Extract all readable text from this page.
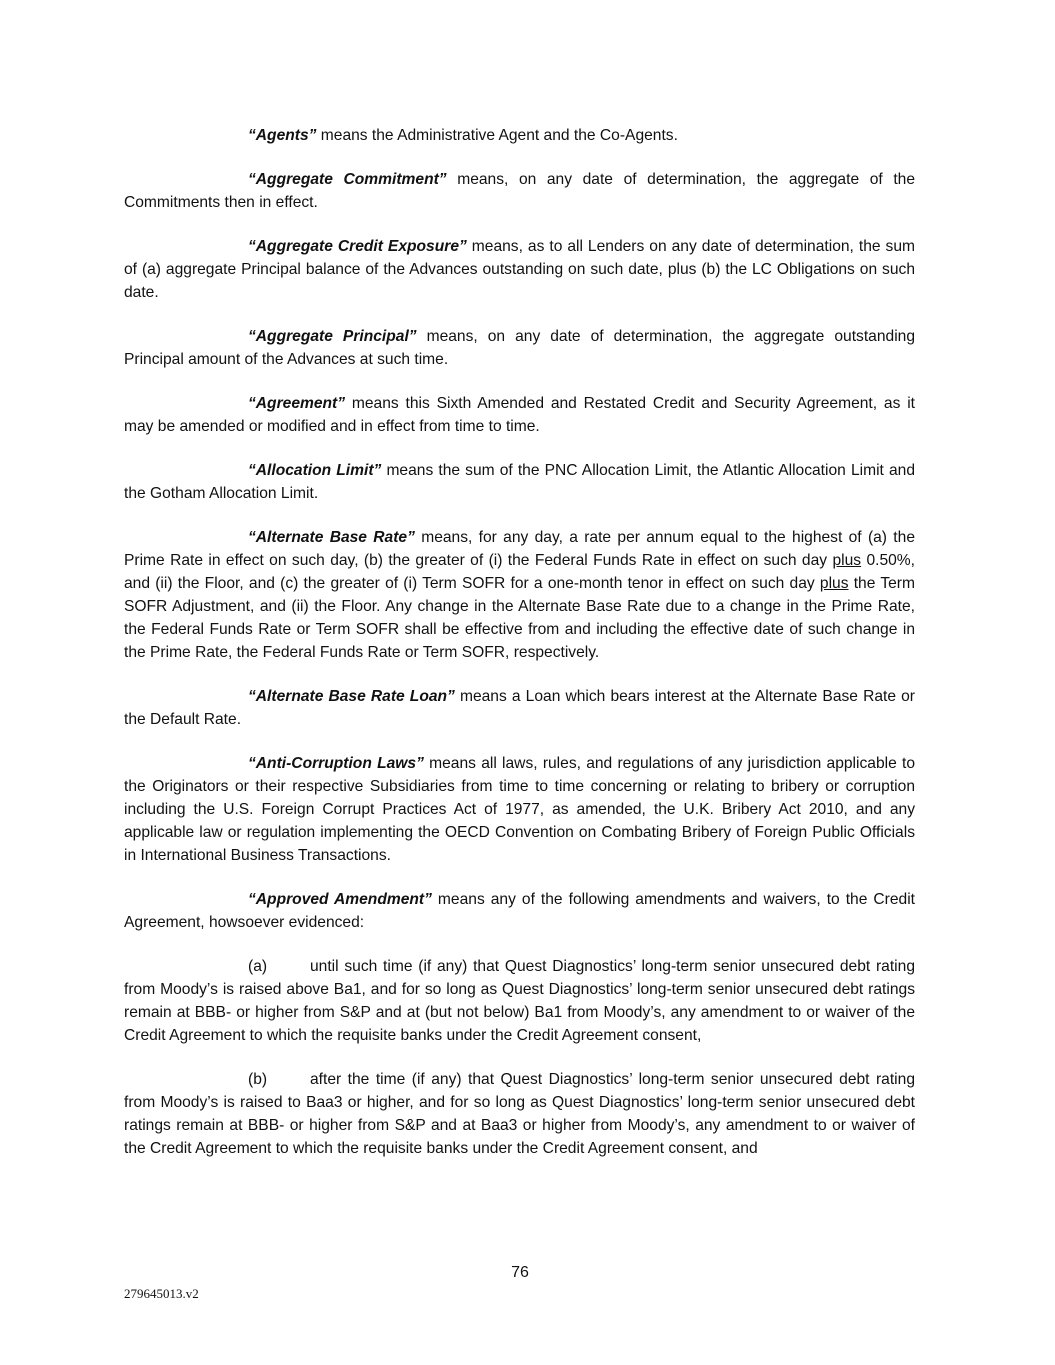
“Agents” means the Administrative Agent and the Co-Agents.

“Aggregate Commitment” means, on any date of determination, the aggregate of the Commitments then in effect.

“Aggregate Credit Exposure” means, as to all Lenders on any date of determination, the sum of (a) aggregate Principal balance of the Advances outstanding on such date, plus (b) the LC Obligations on such date.

“Aggregate Principal” means, on any date of determination, the aggregate outstanding Principal amount of the Advances at such time.

“Agreement” means this Sixth Amended and Restated Credit and Security Agreement, as it may be amended or modified and in effect from time to time.

“Allocation Limit” means the sum of the PNC Allocation Limit, the Atlantic Allocation Limit and the Gotham Allocation Limit.

“Alternate Base Rate” means, for any day, a rate per annum equal to the highest of (a) the Prime Rate in effect on such day, (b) the greater of (i) the Federal Funds Rate in effect on such day plus 0.50%, and (ii) the Floor, and (c) the greater of (i) Term SOFR for a one-month tenor in effect on such day plus the Term SOFR Adjustment, and (ii) the Floor. Any change in the Alternate Base Rate due to a change in the Prime Rate, the Federal Funds Rate or Term SOFR shall be effective from and including the effective date of such change in the Prime Rate, the Federal Funds Rate or Term SOFR, respectively.

“Alternate Base Rate Loan” means a Loan which bears interest at the Alternate Base Rate or the Default Rate.

“Anti-Corruption Laws” means all laws, rules, and regulations of any jurisdiction applicable to the Originators or their respective Subsidiaries from time to time concerning or relating to bribery or corruption including the U.S. Foreign Corrupt Practices Act of 1977, as amended, the U.K. Bribery Act 2010, and any applicable law or regulation implementing the OECD Convention on Combating Bribery of Foreign Public Officials in International Business Transactions.

“Approved Amendment” means any of the following amendments and waivers, to the Credit Agreement, howsoever evidenced:

(a)	until such time (if any) that Quest Diagnostics’ long-term senior unsecured debt rating from Moody’s is raised above Ba1, and for so long as Quest Diagnostics’ long-term senior unsecured debt ratings remain at BBB- or higher from S&P and at (but not below) Ba1 from Moody’s, any amendment to or waiver of the Credit Agreement to which the requisite banks under the Credit Agreement consent,

(b)	after the time (if any) that Quest Diagnostics’ long-term senior unsecured debt rating from Moody’s is raised to Baa3 or higher, and for so long as Quest Diagnostics’ long-term senior unsecured debt ratings remain at BBB- or higher from S&P and at Baa3 or higher from Moody’s, any amendment to or waiver of the Credit Agreement to which the requisite banks under the Credit Agreement consent, and

76
279645013.v2
